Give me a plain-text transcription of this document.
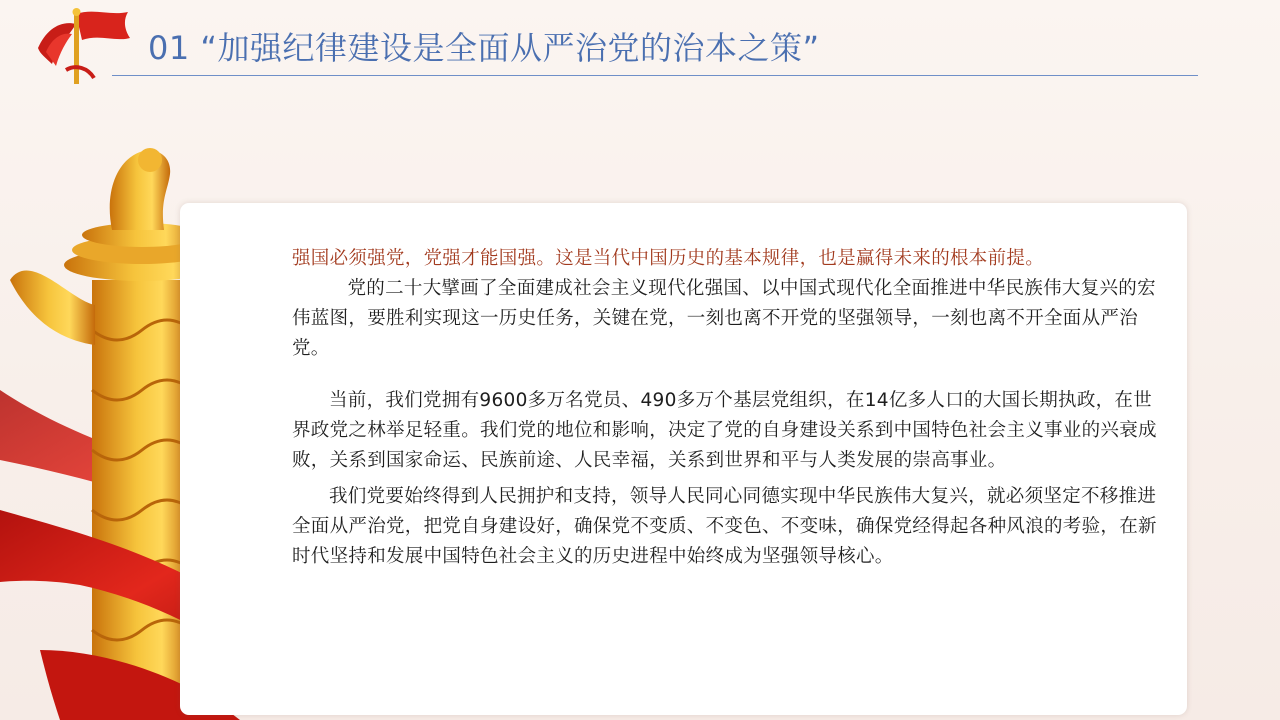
01 “加强纪律建设是全面从严治党的治本之策”

强国必须强党，党强才能国强。这是当代中国历史的基本规律，也是赢得未来的根本前提。

党的二十大擘画了全面建成社会主义现代化强国、以中国式现代化全面推进中华民族伟大复兴的宏伟蓝图，要胜利实现这一历史任务，关键在党，一刻也离不开党的坚强领导，一刻也离不开全面从严治党。

当前，我们党拥有9600多万名党员、490多万个基层党组织，在14亿多人口的大国长期执政，在世界政党之林举足轻重。我们党的地位和影响，决定了党的自身建设关系到中国特色社会主义事业的兴衰成败，关系到国家命运、民族前途、人民幸福，关系到世界和平与人类发展的崇高事业。

我们党要始终得到人民拥护和支持，领导人民同心同德实现中华民族伟大复兴，就必须坚定不移推进全面从严治党，把党自身建设好，确保党不变质、不变色、不变味，确保党经得起各种风浪的考验，在新时代坚持和发展中国特色社会主义的历史进程中始终成为坚强领导核心。
